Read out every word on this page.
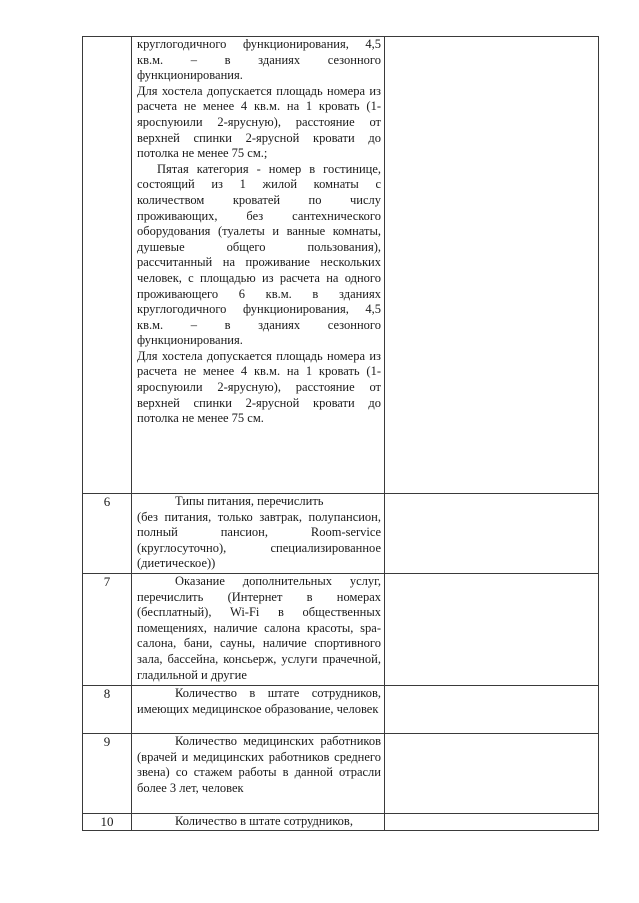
	круглогодичного функционирования, 4,5 кв.м. – в зданиях сезонного функционирования.

Для хостела допускается площадь номера из расчета не менее 4 кв.м. на 1 кровать (1-яросnуюили 2-ярусную), расстояние от верхней спинки 2-ярусной кровати до потолка не менее 75 см.;

Пятая категория - номер в гостинице, состоящий из 1 жилой комнаты с количеством кроватей по числу проживающих, без сантехнического оборудования (туалеты и ванные комнаты, душевые общего пользования), рассчитанный на проживание нескольких человек, с площадью из расчета на одного проживающего 6 кв.м. в зданиях круглогодичного функционирования, 4,5 кв.м. – в зданиях сезонного функционирования.

Для хостела допускается площадь номера из расчета не менее 4 кв.м. на 1 кровать (1-яросnуюили 2-ярусную), расстояние от верхней спинки 2-ярусной кровати до потолка не менее 75 см.	

6	Типы питания, перечислить

(без питания, только завтрак, полупансион, полный пансион, Room-service (круглосуточно), специализированное (диетическое))	

7	Оказание дополнительных услуг, перечислить (Интернет в номерах (бесплатный), Wi-Fi в общественных помещениях, наличие салона красоты, spa-салона, бани, сауны, наличие спортивного зала, бассейна, консьерж, услуги прачечной, гладильной и другие	

8	Количество в штате сотрудников, имеющих медицинское образование, человек	

9	Количество медицинских работников (врачей и медицинских работников среднего звена) со стажем работы в данной отрасли более 3 лет, человек	

10	Количество в штате сотрудников,	
